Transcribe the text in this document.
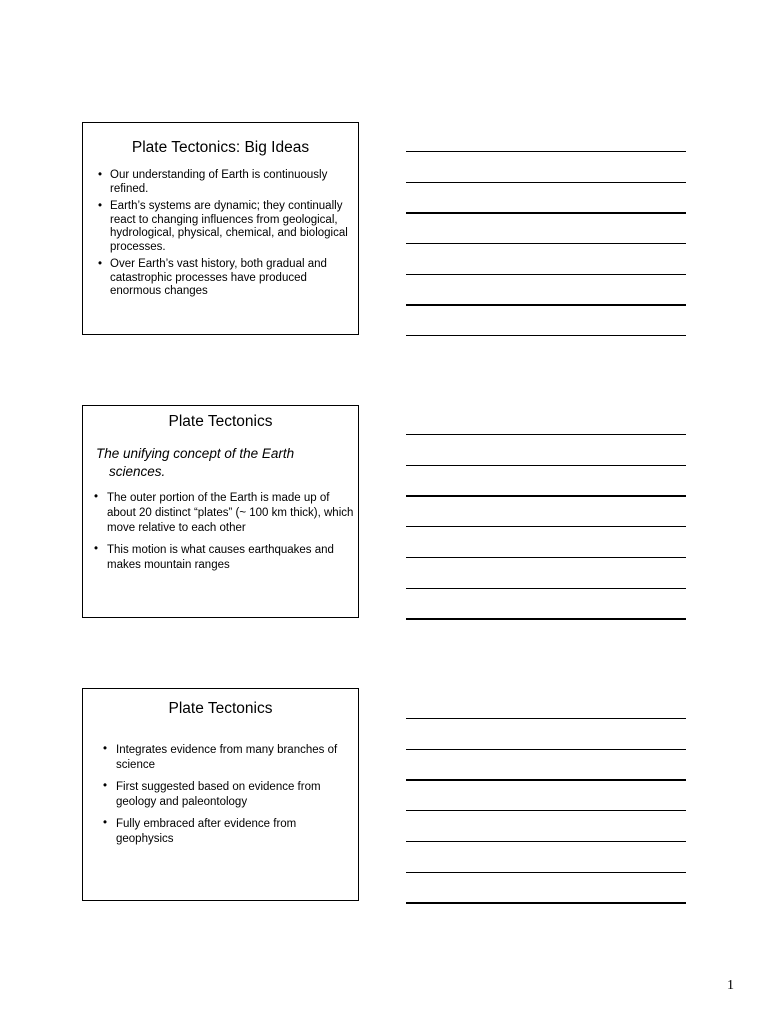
Plate Tectonics: Big Ideas
• Our understanding of Earth is continuously refined.
• Earth’s systems are dynamic; they continually react to changing influences from geological, hydrological, physical, chemical, and biological processes.
• Over Earth’s vast history, both gradual and catastrophic processes have produced enormous changes
Plate Tectonics
The unifying concept of the Earth sciences.
• The outer portion of the Earth is made up of about 20 distinct “plates” (~ 100 km thick), which move relative to each other
• This motion is what causes earthquakes and makes mountain ranges
Plate Tectonics
• Integrates evidence from many branches of science
• First suggested based on evidence from geology and paleontology
• Fully embraced after evidence from geophysics
1
